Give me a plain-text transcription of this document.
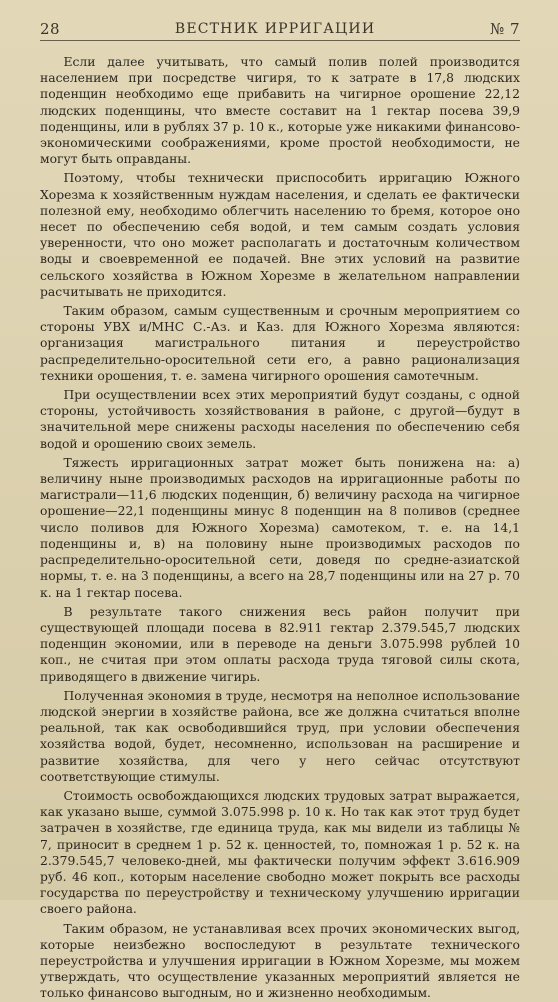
28	ВЕСТНИК ИРРИГАЦИИ	№ 7

Если далее учитывать, что самый полив полей производится населением при посредстве чигиря, то к затрате в 17,8 людских поденщин необходимо еще прибавить на чигирное орошение 22,12 людских поденщины, что вместе составит на 1 гектар посева 39,9 поденщины, или в рублях 37 р. 10 к., которые уже никакими финансово-экономическими соображениями, кроме простой необходимости, не могут быть оправданы.

Поэтому, чтобы технически приспособить ирригацию Южного Хорезма к хозяйственным нуждам населения, и сделать ее фактически полезной ему, необходимо облегчить населению то бремя, которое оно несет по обеспечению себя водой, и тем самым создать условия уверенности, что оно может располагать и достаточным количеством воды и своевременной ее подачей. Вне этих условий на развитие сельского хозяйства в Южном Хорезме в желательном направлении расчитывать не приходится.

Таким образом, самым существенным и срочным мероприятием со стороны УВХ и/МНС С.-Аз. и Каз. для Южного Хорезма являются: организация магистрального питания и переустройство распределительно-оросительной сети его, а равно рационализация техники орошения, т. е. замена чигирного орошения самотечным.

При осуществлении всех этих мероприятий будут созданы, с одной стороны, устойчивость хозяйствования в районе, с другой—будут в значительной мере снижены расходы населения по обеспечению себя водой и орошению своих земель.

Тяжесть ирригационных затрат может быть понижена на: а) величину ныне производимых расходов на ирригационные работы по магистрали—11,6 людских поденщин, б) величину расхода на чигирное орошение—22,1 поденщины минус 8 поденщин на 8 поливов (среднее число поливов для Южного Хорезма) самотеком, т. е. на 14,1 поденщины и, в) на половину ныне производимых расходов по распределительно-оросительной сети, доведя по средне-азиатской нормы, т. е. на 3 поденщины, а всего на 28,7 поденщины или на 27 р. 70 к. на 1 гектар посева.

В результате такого снижения весь район получит при существующей площади посева в 82.911 гектар 2.379.545,7 людских поденщин экономии, или в переводе на деньги 3.075.998 рублей 10 коп., не считая при этом оплаты расхода труда тяговой силы скота, приводящего в движение чигирь.

Полученная экономия в труде, несмотря на неполное использование людской энергии в хозяйстве района, все же должна считаться вполне реальной, так как освободившийся труд, при условии обеспечения хозяйства водой, будет, несомненно, использован на расширение и развитие хозяйства, для чего у него сейчас отсутствуют соответствующие стимулы.

Стоимость освобождающихся людских трудовых затрат выражается, как указано выше, суммой 3.075.998 р. 10 к. Но так как этот труд будет затрачен в хозяйстве, где единица труда, как мы видели из таблицы № 7, приносит в среднем 1 р. 52 к. ценностей, то, помножая 1 р. 52 к. на 2.379.545,7 человеко-дней, мы фактически получим эффект 3.616.909 руб. 46 коп., которым население свободно может покрыть все расходы государства по переустройству и техническому улучшению ирригации своего района.

Таким образом, не устанавливая всех прочих экономических выгод, которые неизбежно воспоследуют в результате технического переустройства и улучшения ирригации в Южном Хорезме, мы можем утверждать, что осуществление указанных мероприятий является не только финансово выгодным, но и жизненно необходимым.
